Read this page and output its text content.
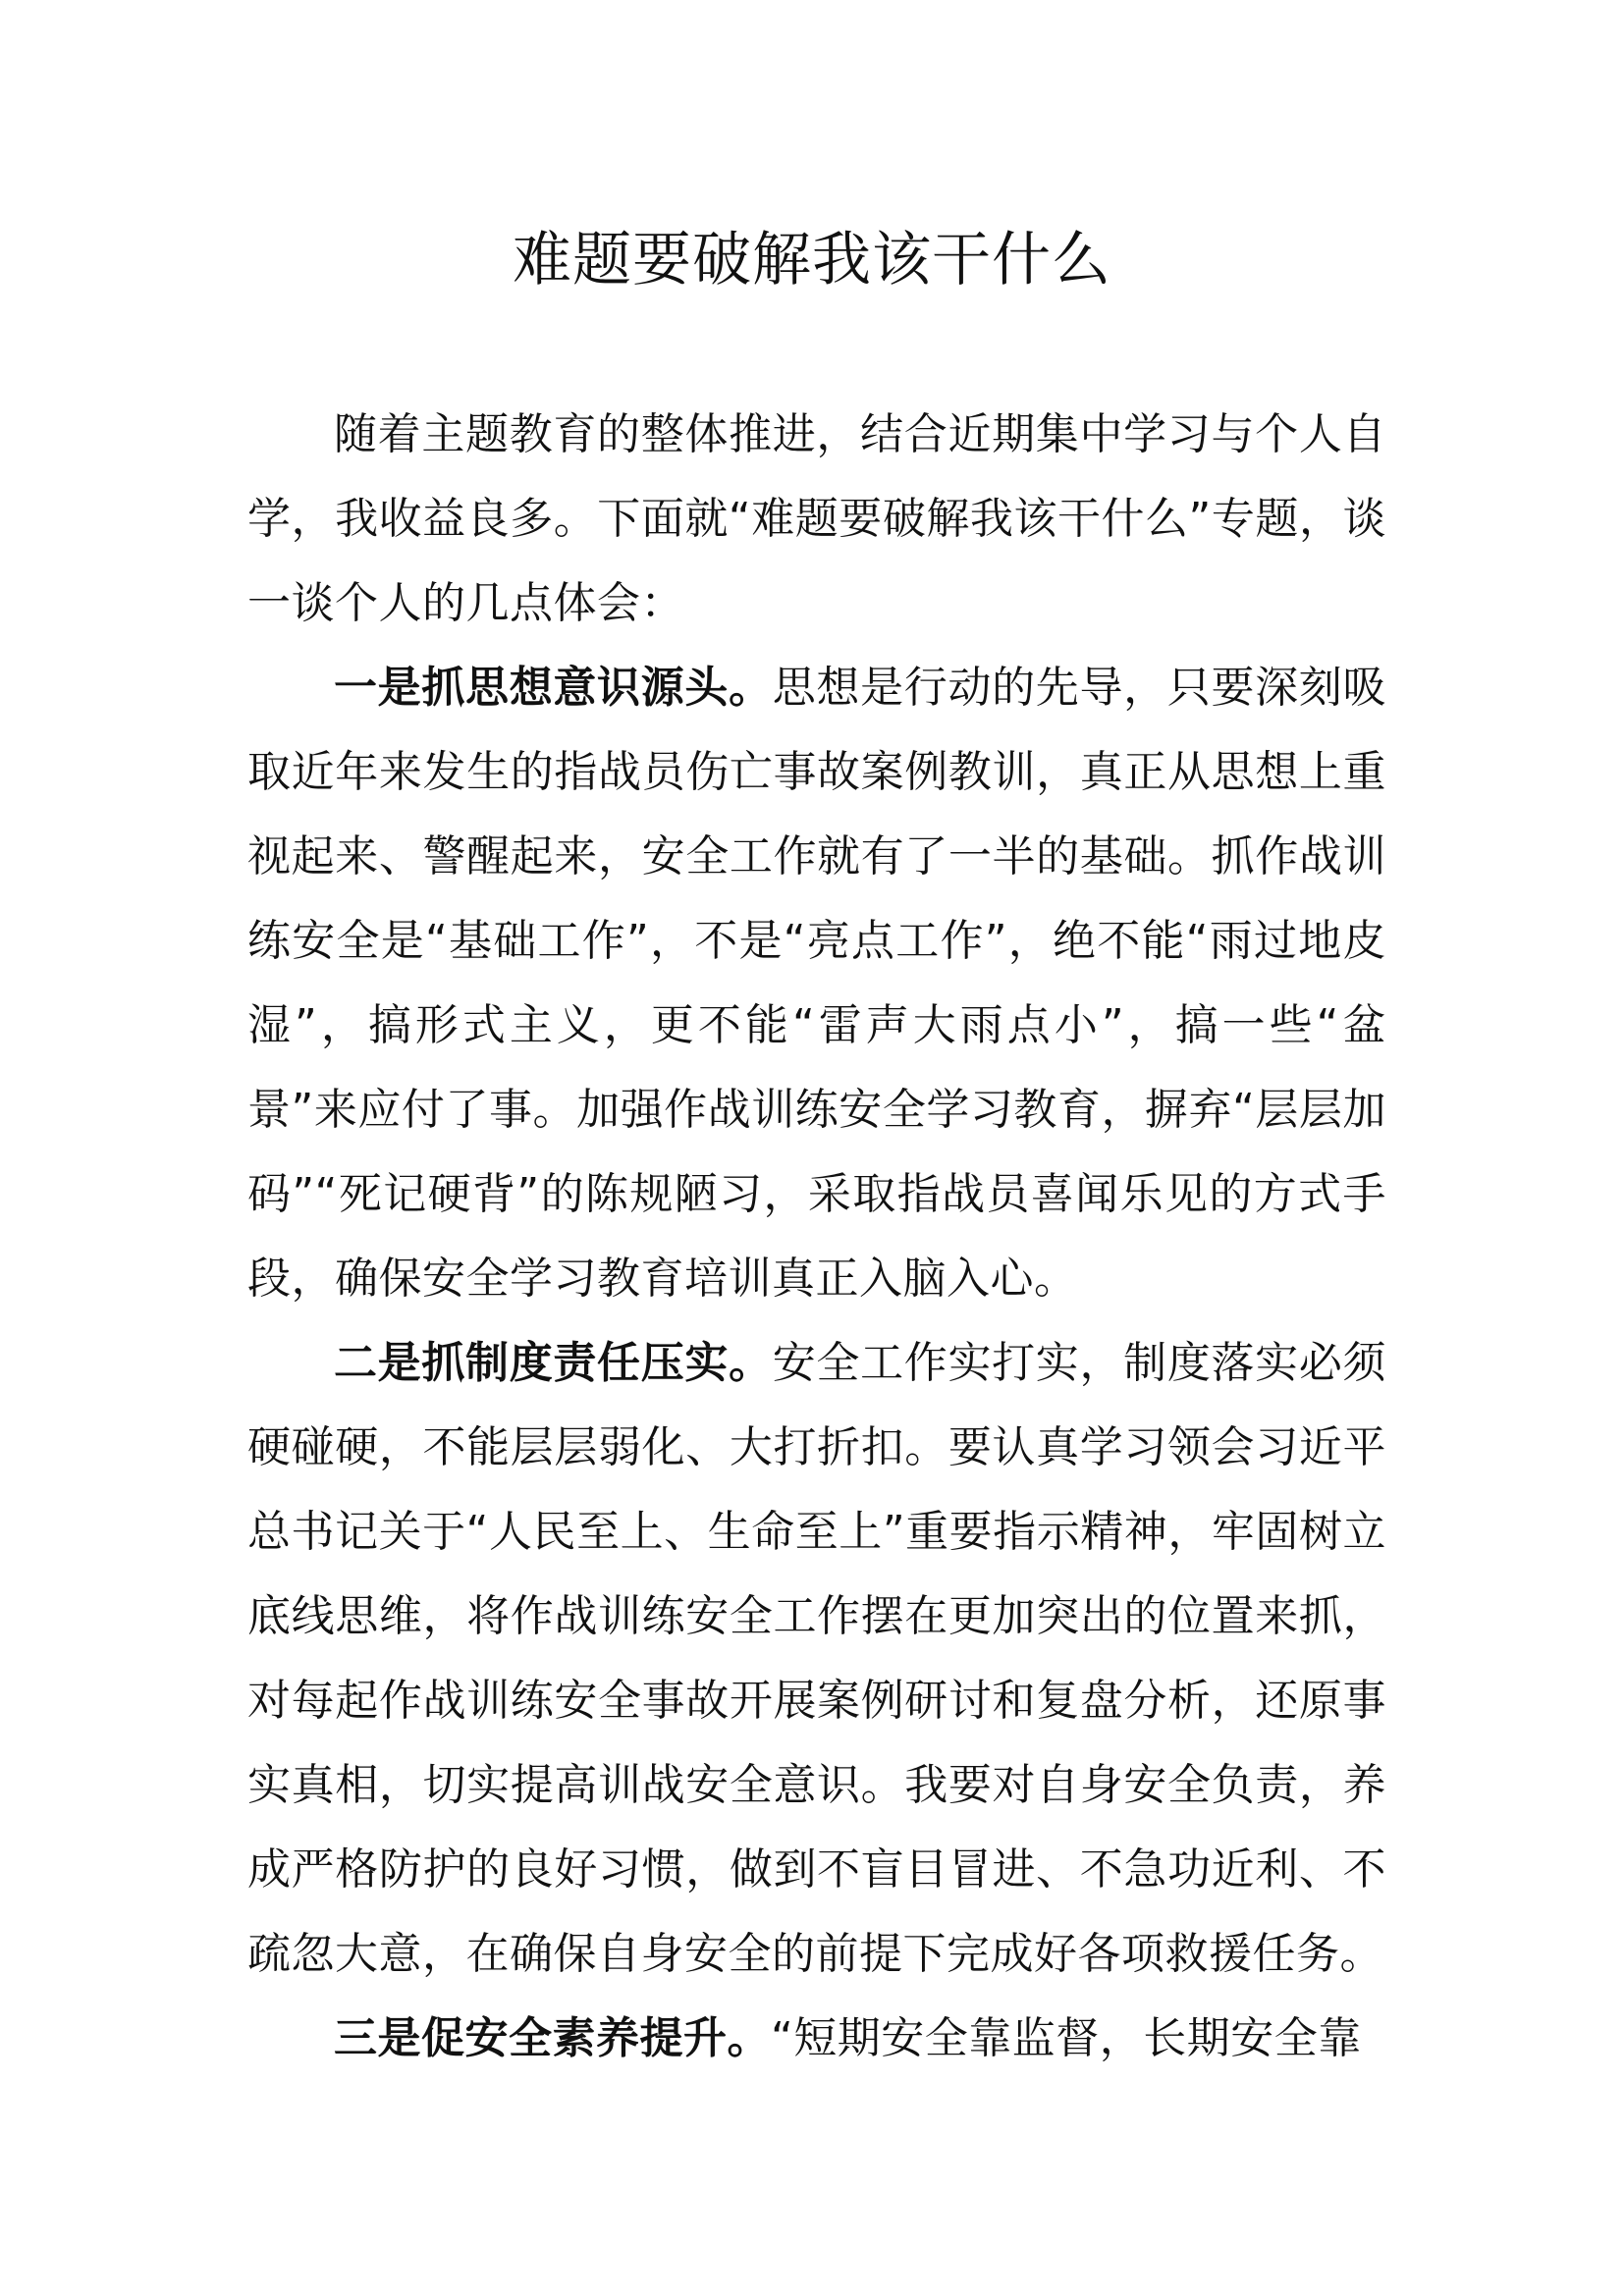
难题要破解我该干什么

随着主题教育的整体推进，结合近期集中学习与个人自学，我收益良多。下面就“难题要破解我该干什么”专题，谈一谈个人的几点体会：

一是抓思想意识源头。思想是行动的先导，只要深刻吸取近年来发生的指战员伤亡事故案例教训，真正从思想上重视起来、警醒起来，安全工作就有了一半的基础。抓作战训练安全是“基础工作”，不是“亮点工作”，绝不能“雨过地皮湿”，搞形式主义，更不能“雷声大雨点小”，搞一些“盆景”来应付了事。加强作战训练安全学习教育，摒弃“层层加码”“死记硬背”的陈规陋习，采取指战员喜闻乐见的方式手段，确保安全学习教育培训真正入脑入心。

二是抓制度责任压实。安全工作实打实，制度落实必须硬碰硬，不能层层弱化、大打折扣。要认真学习领会习近平总书记关于“人民至上、生命至上”重要指示精神，牢固树立底线思维，将作战训练安全工作摆在更加突出的位置来抓，对每起作战训练安全事故开展案例研讨和复盘分析，还原事实真相，切实提高训战安全意识。我要对自身安全负责，养成严格防护的良好习惯，做到不盲目冒进、不急功近利、不疏忽大意，在确保自身安全的前提下完成好各项救援任务。

三是促安全素养提升。“短期安全靠监督，长期安全靠
